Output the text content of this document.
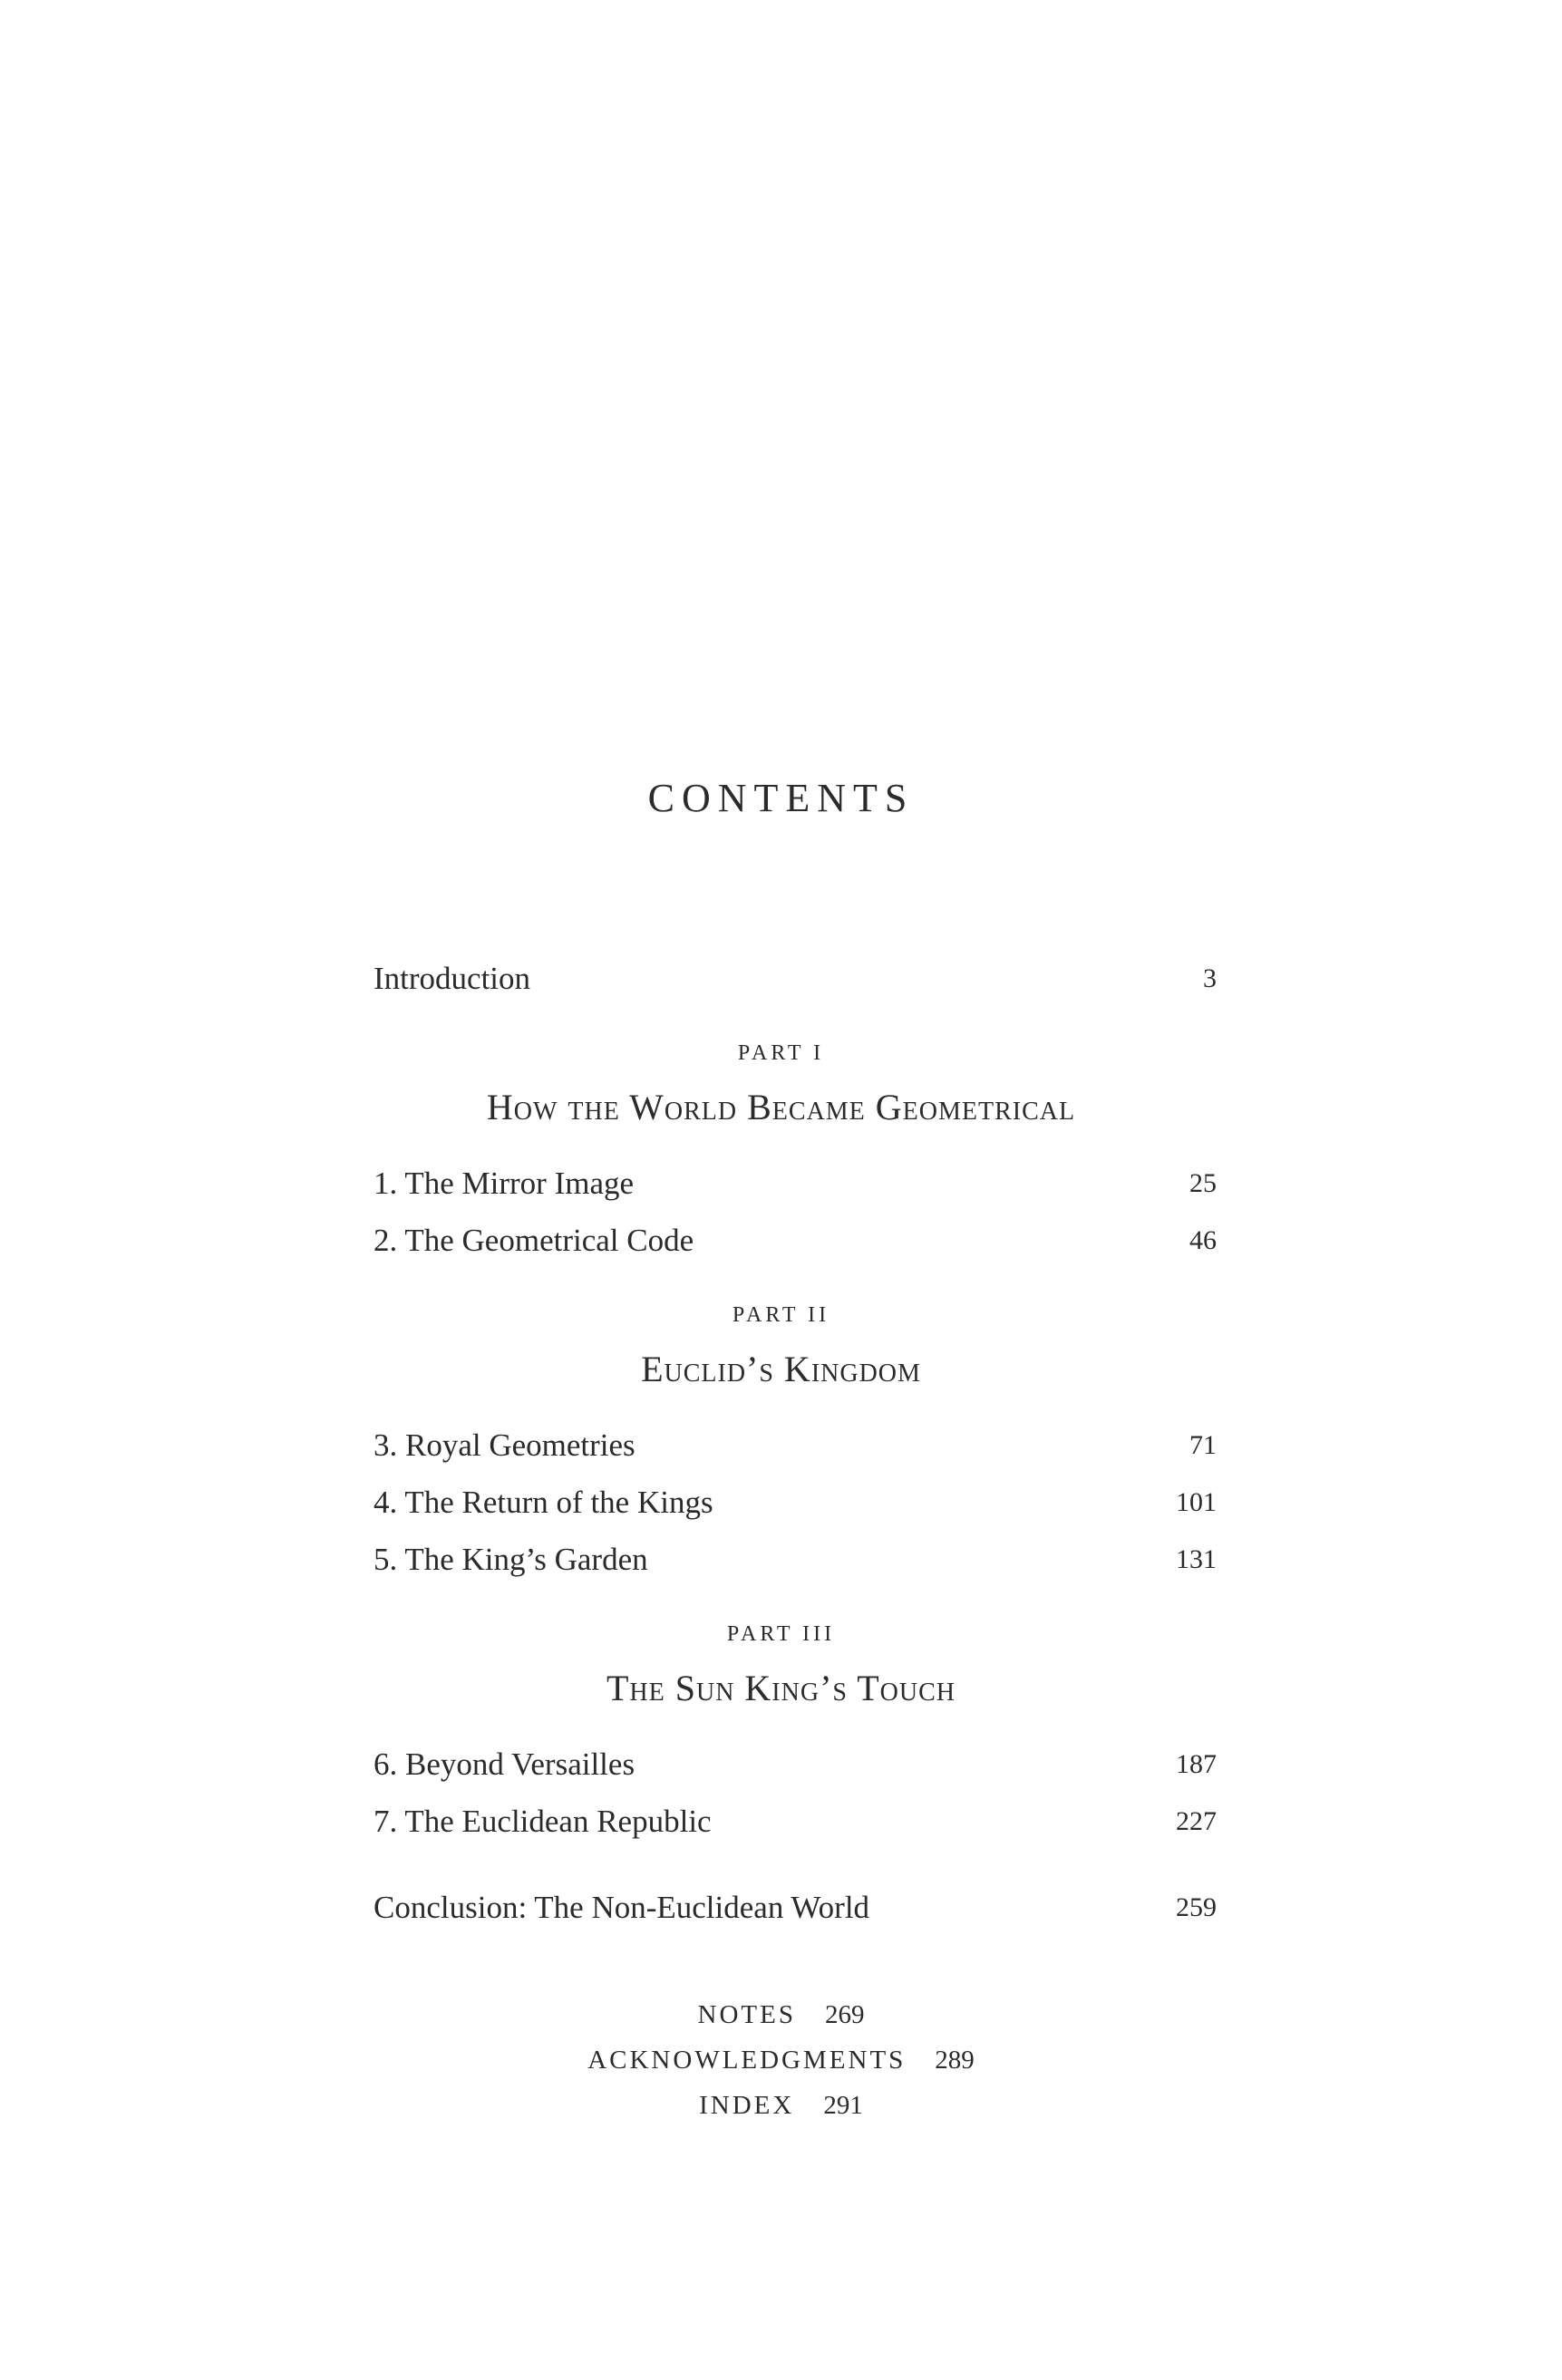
CONTENTS
Introduction	3
PART I
How the World Became Geometrical
1. The Mirror Image	25
2. The Geometrical Code	46
PART II
Euclid’s Kingdom
3. Royal Geometries	71
4. The Return of the Kings	101
5. The King’s Garden	131
PART III
The Sun King’s Touch
6. Beyond Versailles	187
7. The Euclidean Republic	227
Conclusion: The Non-Euclidean World	259
NOTES 269
ACKNOWLEDGMENTS 289
INDEX 291
